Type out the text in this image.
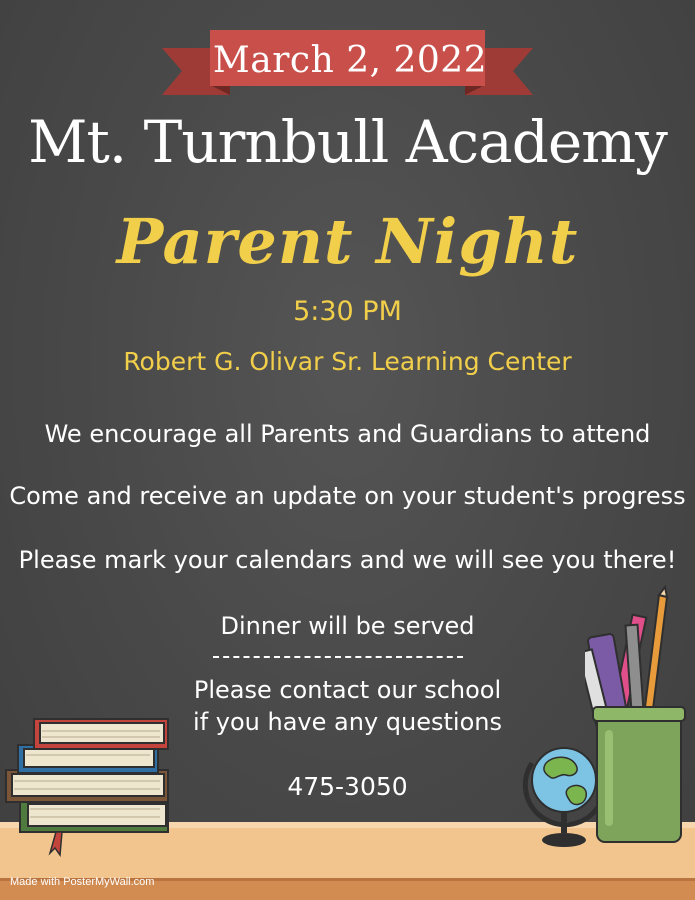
March 2, 2022
Mt. Turnbull Academy
Parent Night
5:30 PM
Robert G. Olivar Sr. Learning Center
We encourage all Parents and Guardians to attend
Come and receive an update on your student's progress
Please mark your calendars and we will see you there!
Dinner will be served
Please contact our school
if you have any questions
475-3050
Made with PosterMyWall.com
